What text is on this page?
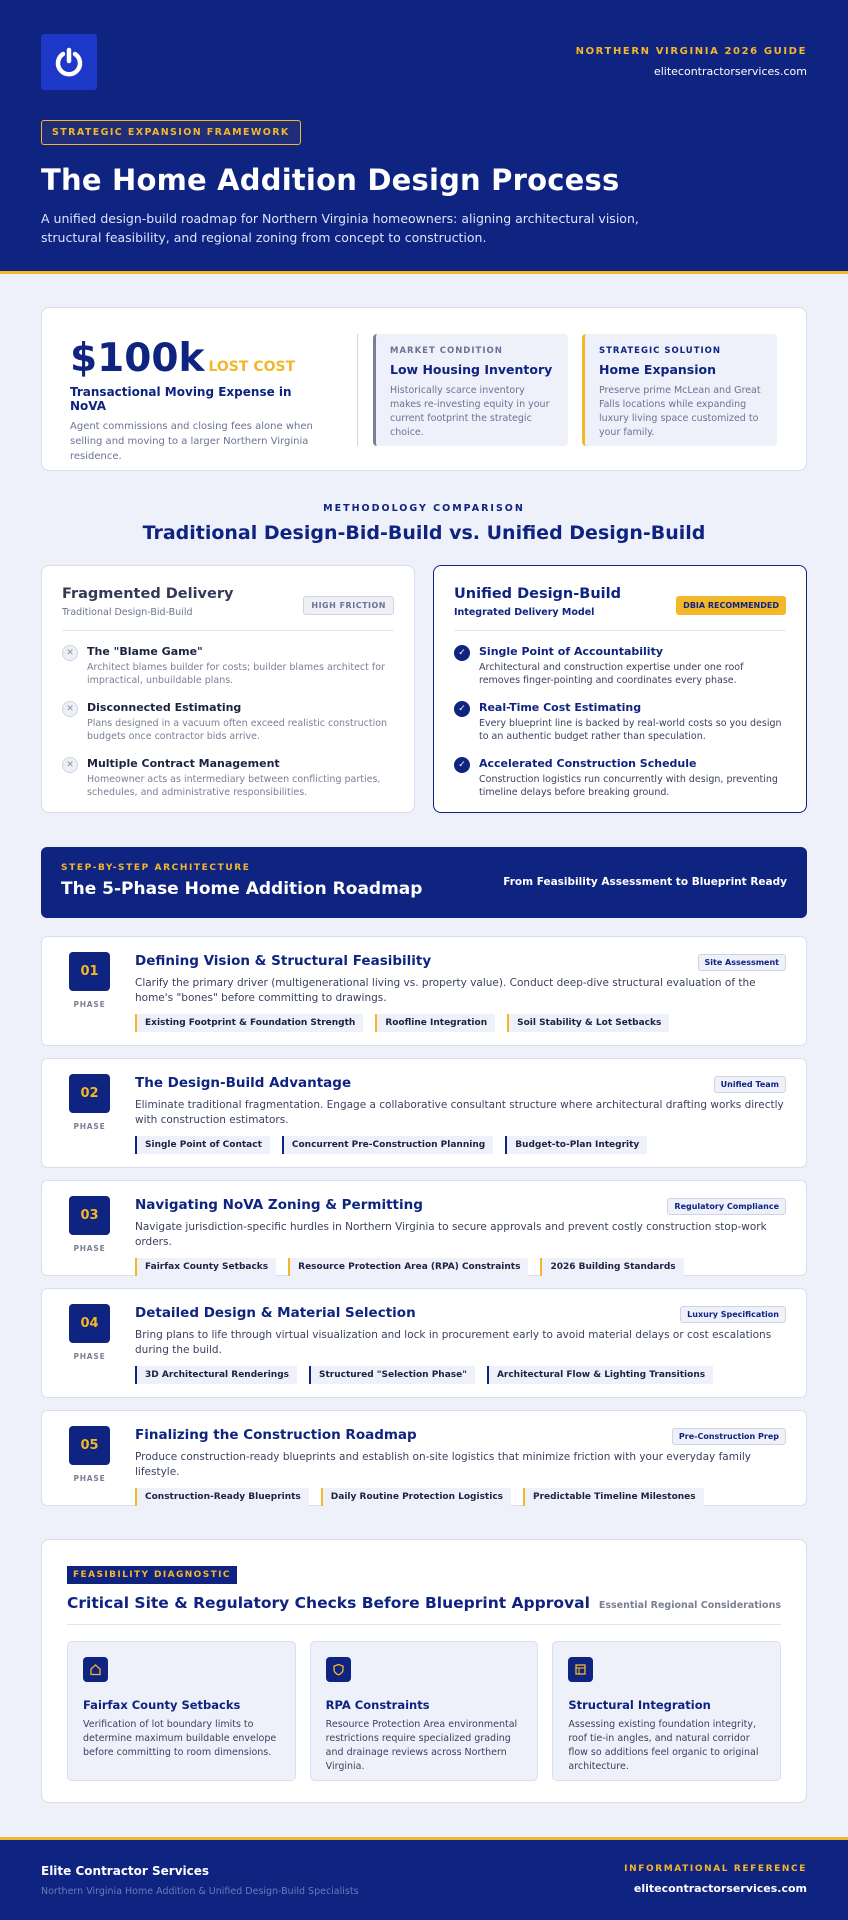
NORTHERN VIRGINIA 2026 GUIDE
elitecontractorservices.com
STRATEGIC EXPANSION FRAMEWORK
The Home Addition Design Process

A unified design-build roadmap for Northern Virginia homeowners: aligning architectural vision, structural feasibility, and regional zoning from concept to construction.

$100k LOST COST
Transactional Moving Expense in NoVA
Agent commissions and closing fees alone when selling and moving to a larger Northern Virginia residence.
MARKET CONDITION
Low Housing Inventory
Historically scarce inventory makes re-investing equity in your current footprint the strategic choice.
STRATEGIC SOLUTION
Home Expansion
Preserve prime McLean and Great Falls locations while expanding luxury living space customized to your family.
METHODOLOGY COMPARISON
Traditional Design-Bid-Build vs. Unified Design-Build
Fragmented Delivery
Traditional Design-Bid-Build
HIGH FRICTION
✕	The "Blame Game"
Architect blames builder for costs; builder blames architect for impractical, unbuildable plans.
✕	Disconnected Estimating
Plans designed in a vacuum often exceed realistic construction budgets once contractor bids arrive.
✕	Multiple Contract Management
Homeowner acts as intermediary between conflicting parties, schedules, and administrative responsibilities.
Unified Design-Build
Integrated Delivery Model
DBIA RECOMMENDED
✓	Single Point of Accountability
Architectural and construction expertise under one roof removes finger-pointing and coordinates every phase.
✓	Real-Time Cost Estimating
Every blueprint line is backed by real-world costs so you design to an authentic budget rather than speculation.
✓	Accelerated Construction Schedule
Construction logistics run concurrently with design, preventing timeline delays before breaking ground.
STEP-BY-STEP ARCHITECTURE
The 5-Phase Home Addition Roadmap	From Feasibility Assessment to Blueprint Ready
01
PHASE
Defining Vision & Structural Feasibility	Site Assessment
Clarify the primary driver (multigenerational living vs. property value). Conduct deep-dive structural evaluation of the home's "bones" before committing to drawings.
Existing Footprint & Foundation Strength	Roofline Integration	Soil Stability & Lot Setbacks
02
PHASE
The Design-Build Advantage	Unified Team
Eliminate traditional fragmentation. Engage a collaborative consultant structure where architectural drafting works directly with construction estimators.
Single Point of Contact	Concurrent Pre-Construction Planning	Budget-to-Plan Integrity
03
PHASE
Navigating NoVA Zoning & Permitting	Regulatory Compliance
Navigate jurisdiction-specific hurdles in Northern Virginia to secure approvals and prevent costly construction stop-work orders.
Fairfax County Setbacks	Resource Protection Area (RPA) Constraints	2026 Building Standards
04
PHASE
Detailed Design & Material Selection	Luxury Specification
Bring plans to life through virtual visualization and lock in procurement early to avoid material delays or cost escalations during the build.
3D Architectural Renderings	Structured "Selection Phase"	Architectural Flow & Lighting Transitions
05
PHASE
Finalizing the Construction Roadmap	Pre-Construction Prep
Produce construction-ready blueprints and establish on-site logistics that minimize friction with your everyday family lifestyle.
Construction-Ready Blueprints	Daily Routine Protection Logistics	Predictable Timeline Milestones
FEASIBILITY DIAGNOSTIC
Critical Site & Regulatory Checks Before Blueprint Approval Essential Regional Considerations
Fairfax County Setbacks
Verification of lot boundary limits to determine maximum buildable envelope before committing to room dimensions.
RPA Constraints
Resource Protection Area environmental restrictions require specialized grading and drainage reviews across Northern Virginia.
Structural Integration
Assessing existing foundation integrity, roof tie-in angles, and natural corridor flow so additions feel organic to original architecture.
Elite Contractor Services
Northern Virginia Home Addition & Unified Design-Build Specialists
INFORMATIONAL REFERENCE
elitecontractorservices.com
